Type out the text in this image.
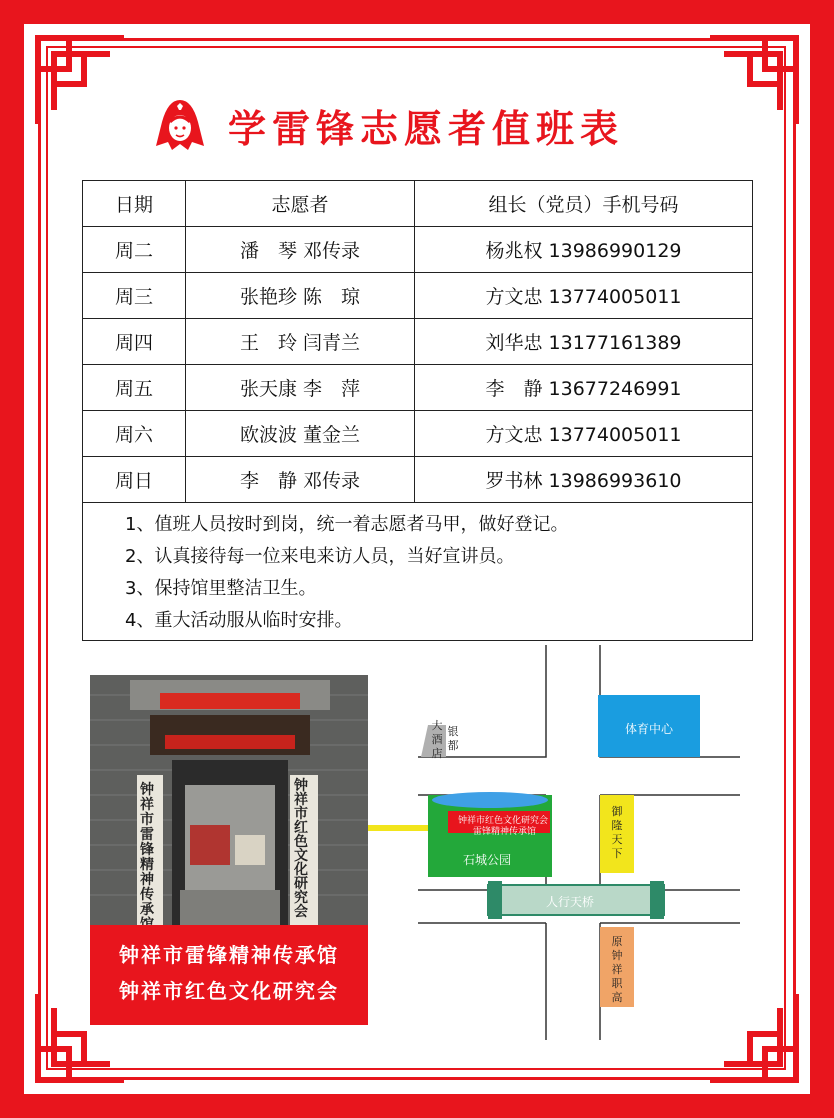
学雷锋志愿者值班表
日期	志愿者	组长（党员）手机号码
周二	潘　琴 邓传录	杨兆权 13986990129
周三	张艳珍 陈　琼	方文忠 13774005011
周四	王　玲 闫青兰	刘华忠 13177161389
周五	张天康 李　萍	李　静 13677246991
周六	欧波波 董金兰	方文忠 13774005011
周日	李　静 邓传录	罗书林 13986993610
1、值班人员按时到岗，统一着志愿者马甲，做好登记。
2、认真接待每一位来电来访人员，当好宣讲员。
3、保持馆里整洁卫生。
4、重大活动服从临时安排。
钟祥市雷锋精神传承
钟祥市红色文化研究会
钟祥市雷锋精神传承馆
钟祥市红色文化研究会
大酒店
银都
体育中心
钟祥市红色文化研究会
雷锋精神传承馆
石城公园
御隆天下
人行天桥
原钟祥职高
